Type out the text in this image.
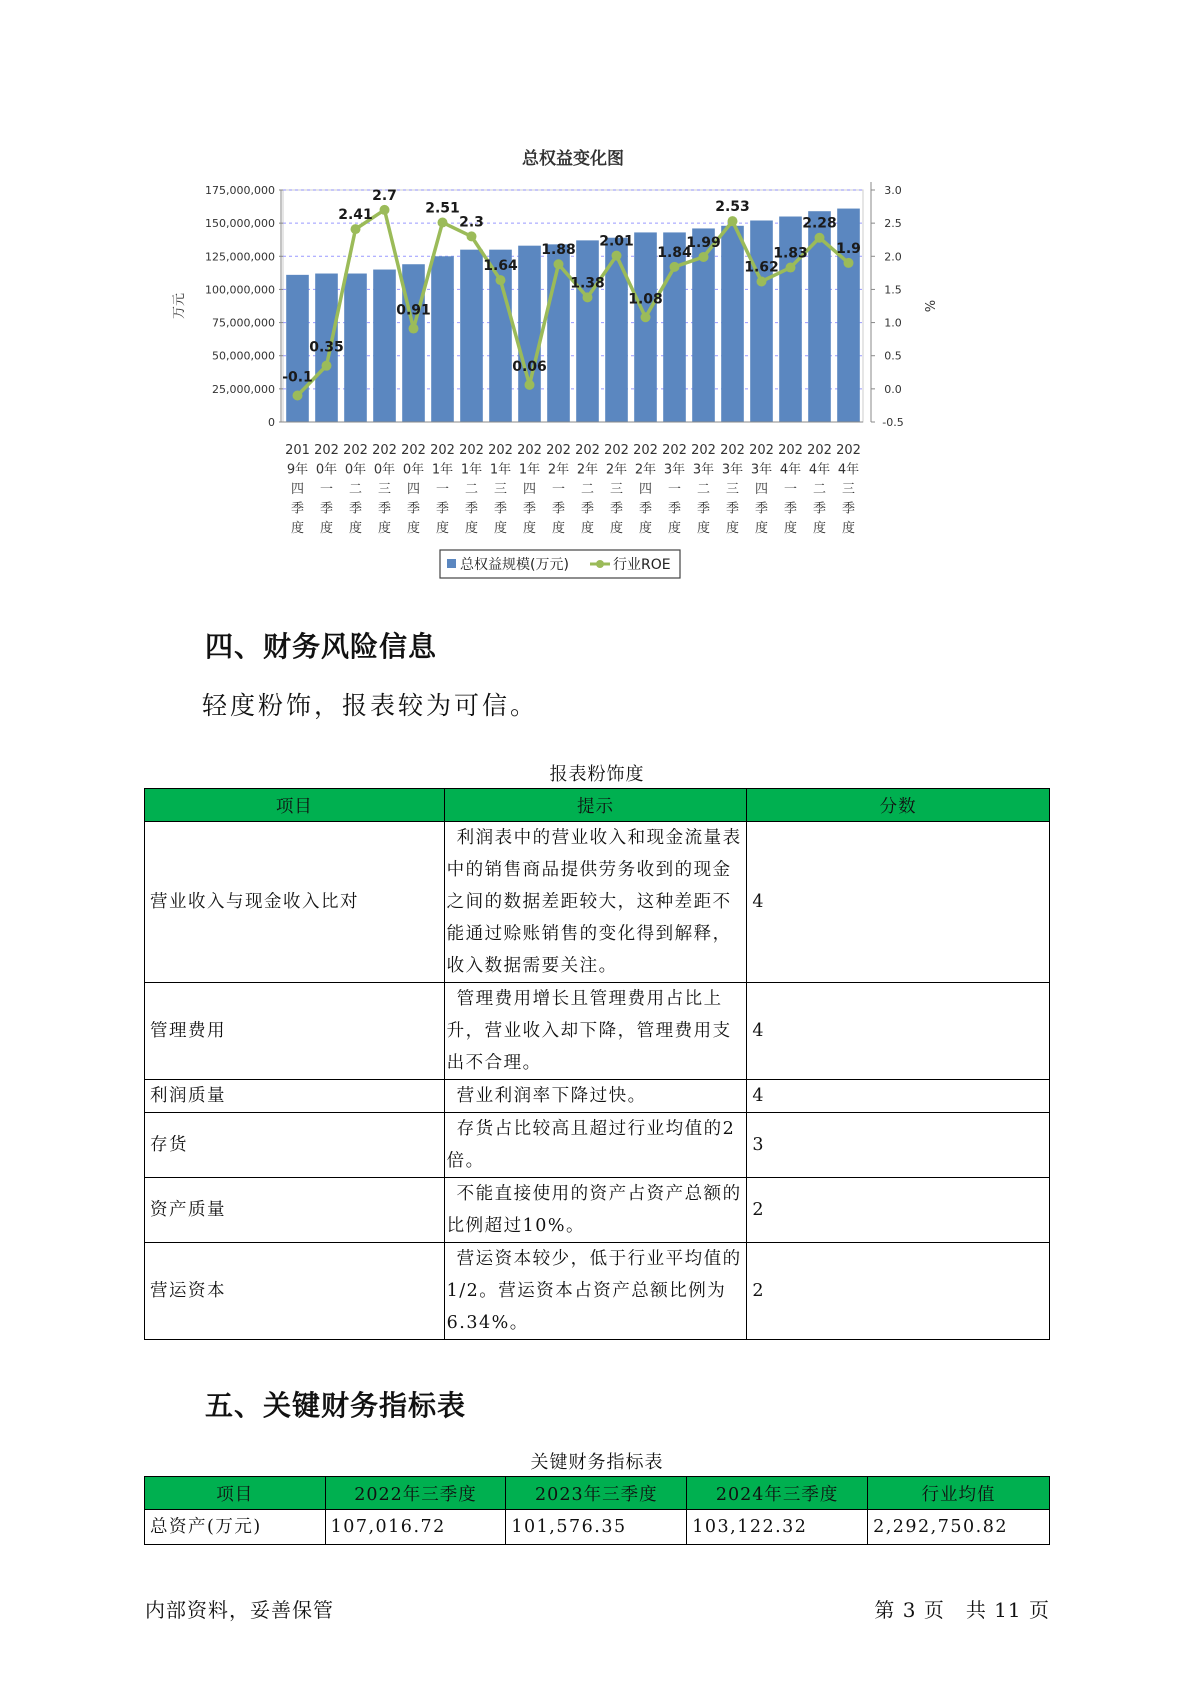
总权益变化图
0
25,000,000
50,000,000
75,000,000
100,000,000
125,000,000
150,000,000
175,000,000	3.0
2.5
2.0
1.5
1.0
0.5
0.0
-0.5
万元	%
201
9年
四
季
度
202
0年
一
季
度
202
0年
二
季
度
202
0年
三
季
度
202
0年
四
季
度
202
1年
一
季
度
202
1年
二
季
度
202
1年
三
季
度
202
1年
四
季
度
202
2年
一
季
度
202
2年
二
季
度
202
2年
三
季
度
202
2年
四
季
度
202
3年
一
季
度
202
3年
二
季
度
202
3年
三
季
度
202
3年
四
季
度
202
4年
一
季
度
202
4年
二
季
度
202
4年
三
季
度
-0.1
0.35
2.41
2.7
0.91
2.51
2.3
1.64
0.06
1.88
1.38
2.01
1.08
1.84
1.99
2.53
1.62
1.83
2.28
1.9
总权益规模(万元)	行业ROE
四、财务风险信息

轻度粉饰，报表较为可信。

报表粉饰度
项目	提示	分数
营业收入与现金收入比对	利润表中的营业收入和现金流量表中的销售商品提供劳务收到的现金之间的数据差距较大，这种差距不能通过赊账销售的变化得到解释，收入数据需要关注。	4
管理费用	管理费用增长且管理费用占比上升，营业收入却下降，管理费用支出不合理。	4
利润质量	营业利润率下降过快。	4
存货	存货占比较高且超过行业均值的2倍。	3
资产质量	不能直接使用的资产占资产总额的比例超过10%。	2
营运资本	营运资本较少，低于行业平均值的1/2。营运资本占资产总额比例为6.34%。	2
五、关键财务指标表
关键财务指标表
项目	2022年三季度	2023年三季度	2024年三季度	行业均值
总资产(万元)	107,016.72	101,576.35	103,122.32	2,292,750.82
内部资料，妥善保管	第 3 页　共 11 页
